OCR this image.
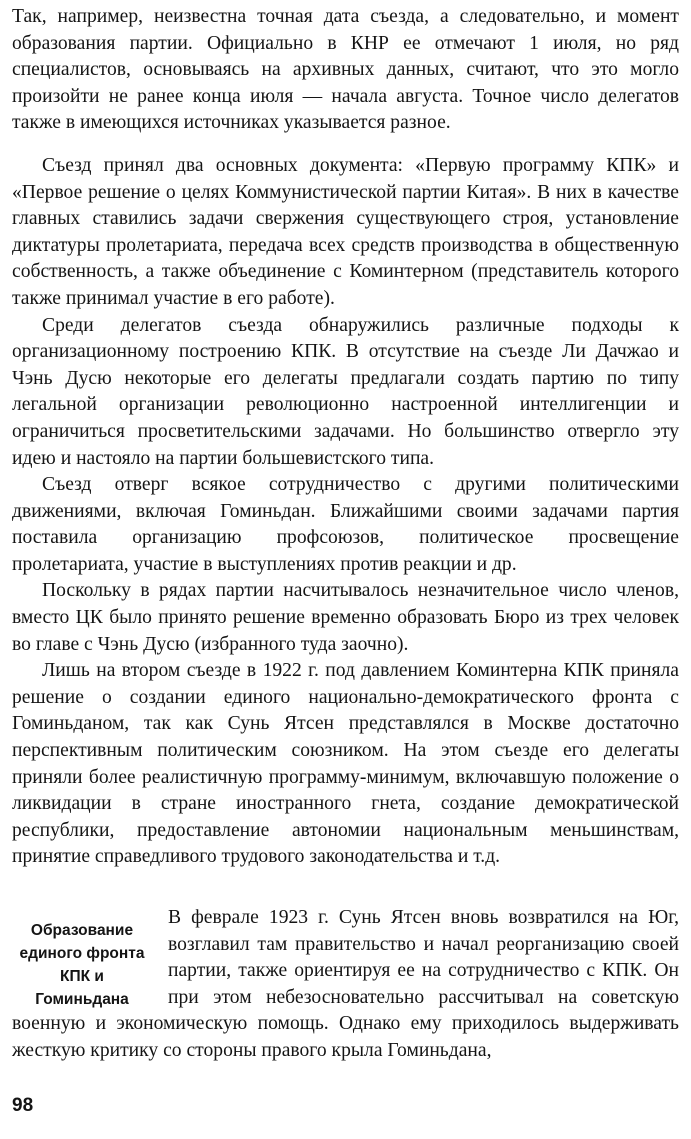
Так, например, неизвестна точная дата съезда, а следовательно, и момент образования партии. Официально в КНР ее отмечают 1 июля, но ряд специалистов, основываясь на архивных данных, считают, что это могло произойти не ранее конца июля — начала августа. Точное число делегатов также в имеющихся источниках указывается разное.

Съезд принял два основных документа: «Первую программу КПК» и «Первое решение о целях Коммунистической партии Китая». В них в качестве главных ставились задачи свержения существующего строя, установление диктатуры пролетариата, передача всех средств производства в общественную собственность, а также объединение с Коминтерном (представитель которого также принимал участие в его работе).

Среди делегатов съезда обнаружились различные подходы к организационному построению КПК. В отсутствие на съезде Ли Дачжао и Чэнь Дусю некоторые его делегаты предлагали создать партию по типу легальной организации революционно настроенной интеллигенции и ограничиться просветительскими задачами. Но большинство отвергло эту идею и настояло на партии большевистского типа.

Съезд отверг всякое сотрудничество с другими политическими движениями, включая Гоминьдан. Ближайшими своими задачами партия поставила организацию профсоюзов, политическое просвещение пролетариата, участие в выступлениях против реакции и др.

Поскольку в рядах партии насчитывалось незначительное число членов, вместо ЦК было принято решение временно образовать Бюро из трех человек во главе с Чэнь Дусю (избранного туда заочно).

Лишь на втором съезде в 1922 г. под давлением Коминтерна КПК приняла решение о создании единого национально-демократического фронта с Гоминьданом, так как Сунь Ятсен представлялся в Москве достаточно перспективным политическим союзником. На этом съезде его делегаты приняли более реалистичную программу-минимум, включавшую положение о ликвидации в стране иностранного гнета, создание демократической республики, предоставление автономии национальным меньшинствам, принятие справедливого трудового законодательства и т.д.

Образование
единого фронта
КПК и
Гоминьдана

В феврале 1923 г. Сунь Ятсен вновь возвратился на Юг, возглавил там правительство и начал реорганизацию своей партии, также ориентируя ее на сотрудничество с КПК. Он при этом небезосновательно рассчитывал на советскую военную и экономическую помощь. Однако ему приходилось выдерживать жесткую критику со стороны правого крыла Гоминьдана,

98
